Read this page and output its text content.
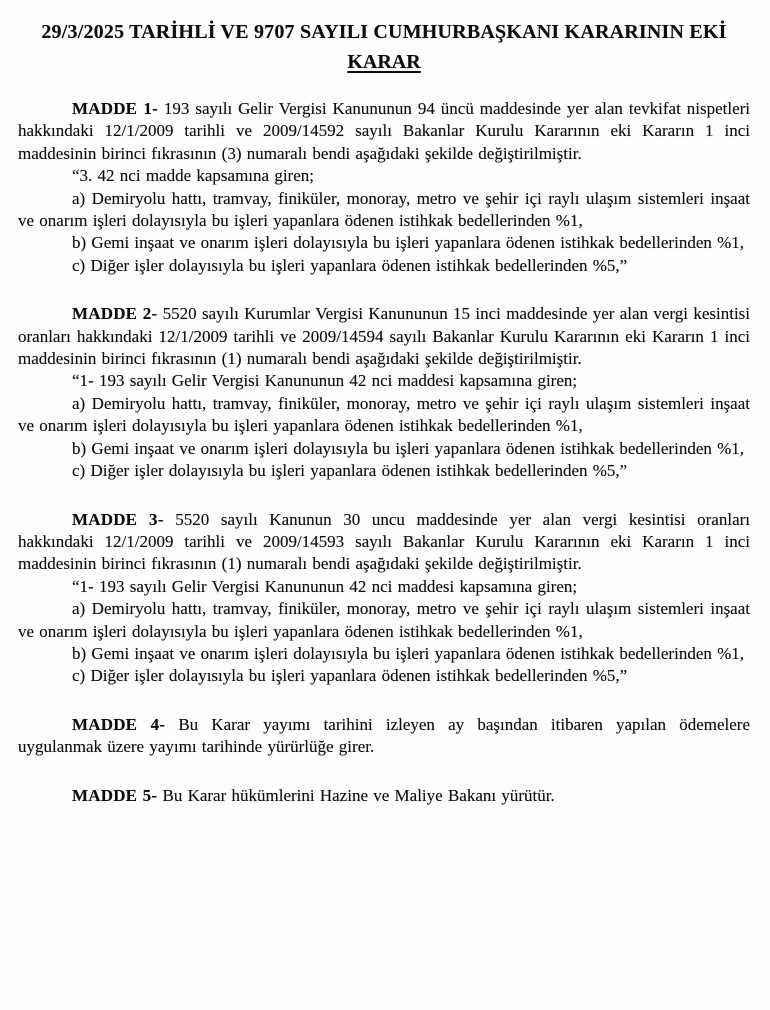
29/3/2025 TARİHLİ VE 9707 SAYILI CUMHURBAŞKANI KARARININ EKİ
KARAR

MADDE 1- 193 sayılı Gelir Vergisi Kanununun 94 üncü maddesinde yer alan tevkifat nispetleri hakkındaki 12/1/2009 tarihli ve 2009/14592 sayılı Bakanlar Kurulu Kararının eki Kararın 1 inci maddesinin birinci fıkrasının (3) numaralı bendi aşağıdaki şekilde değiştirilmiştir.

“3. 42 nci madde kapsamına giren;

a) Demiryolu hattı, tramvay, finiküler, monoray, metro ve şehir içi raylı ulaşım sistemleri inşaat ve onarım işleri dolayısıyla bu işleri yapanlara ödenen istihkak bedellerinden %1,

b) Gemi inşaat ve onarım işleri dolayısıyla bu işleri yapanlara ödenen istihkak bedellerinden %1,

c) Diğer işler dolayısıyla bu işleri yapanlara ödenen istihkak bedellerinden %5,”

MADDE 2- 5520 sayılı Kurumlar Vergisi Kanununun 15 inci maddesinde yer alan vergi kesintisi oranları hakkındaki 12/1/2009 tarihli ve 2009/14594 sayılı Bakanlar Kurulu Kararının eki Kararın 1 inci maddesinin birinci fıkrasının (1) numaralı bendi aşağıdaki şekilde değiştirilmiştir.

“1- 193 sayılı Gelir Vergisi Kanununun 42 nci maddesi kapsamına giren;

a) Demiryolu hattı, tramvay, finiküler, monoray, metro ve şehir içi raylı ulaşım sistemleri inşaat ve onarım işleri dolayısıyla bu işleri yapanlara ödenen istihkak bedellerinden %1,

b) Gemi inşaat ve onarım işleri dolayısıyla bu işleri yapanlara ödenen istihkak bedellerinden %1,

c) Diğer işler dolayısıyla bu işleri yapanlara ödenen istihkak bedellerinden %5,”

MADDE 3- 5520 sayılı Kanunun 30 uncu maddesinde yer alan vergi kesintisi oranları hakkındaki 12/1/2009 tarihli ve 2009/14593 sayılı Bakanlar Kurulu Kararının eki Kararın 1 inci maddesinin birinci fıkrasının (1) numaralı bendi aşağıdaki şekilde değiştirilmiştir.

“1- 193 sayılı Gelir Vergisi Kanununun 42 nci maddesi kapsamına giren;

a) Demiryolu hattı, tramvay, finiküler, monoray, metro ve şehir içi raylı ulaşım sistemleri inşaat ve onarım işleri dolayısıyla bu işleri yapanlara ödenen istihkak bedellerinden %1,

b) Gemi inşaat ve onarım işleri dolayısıyla bu işleri yapanlara ödenen istihkak bedellerinden %1,

c) Diğer işler dolayısıyla bu işleri yapanlara ödenen istihkak bedellerinden %5,”

MADDE 4- Bu Karar yayımı tarihini izleyen ay başından itibaren yapılan ödemelere uygulanmak üzere yayımı tarihinde yürürlüğe girer.

MADDE 5- Bu Karar hükümlerini Hazine ve Maliye Bakanı yürütür.
